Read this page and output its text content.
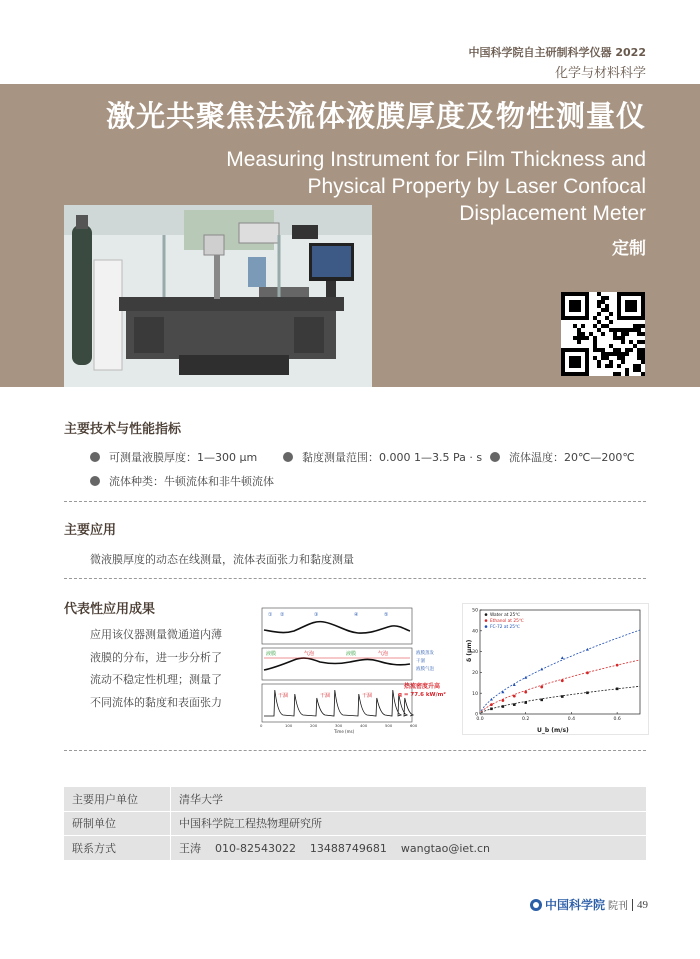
中国科学院自主研制科学仪器 2022
化学与材料科学
激光共聚焦法流体液膜厚度及物性测量仪
Measuring Instrument for Film Thickness and
Physical Property by Laser Confocal
Displacement Meter
定制
主要技术与性能指标
可测量液膜厚度：1—300 μm	黏度测量范围：0.000 1—3.5 Pa · s	流体温度：20℃—200℃
流体种类：牛顿流体和非牛顿流体
主要应用
微液膜厚度的动态在线测量，流体表面张力和黏度测量
代表性应用成果
应用该仪器测量微通道内薄
液膜的分布，进一步分析了
流动不稳定性机理；测量了
不同流体的黏度和表面张力
① ②	③	④	⑤
液膜	气泡	液膜	气泡	液膜蒸发
干涸
液膜气泡
干涸	干涸	干涸
热流密度升高
q = 77.6 kW/m²
0	100	200	300	400	500	600
Time (ms)
0
10
20
30
40
50
0.0	0.2	0.4	0.6
Water at 25℃
Ethanol at 25℃
FC-72 at 25℃
U_b (m/s)
δ (μm)
主要用户单位	清华大学
研制单位	中国科学院工程热物理研究所
联系方式	王涛    010-82543022    13488749681    wangtao@iet.cn
中国科学院 院刊 49
